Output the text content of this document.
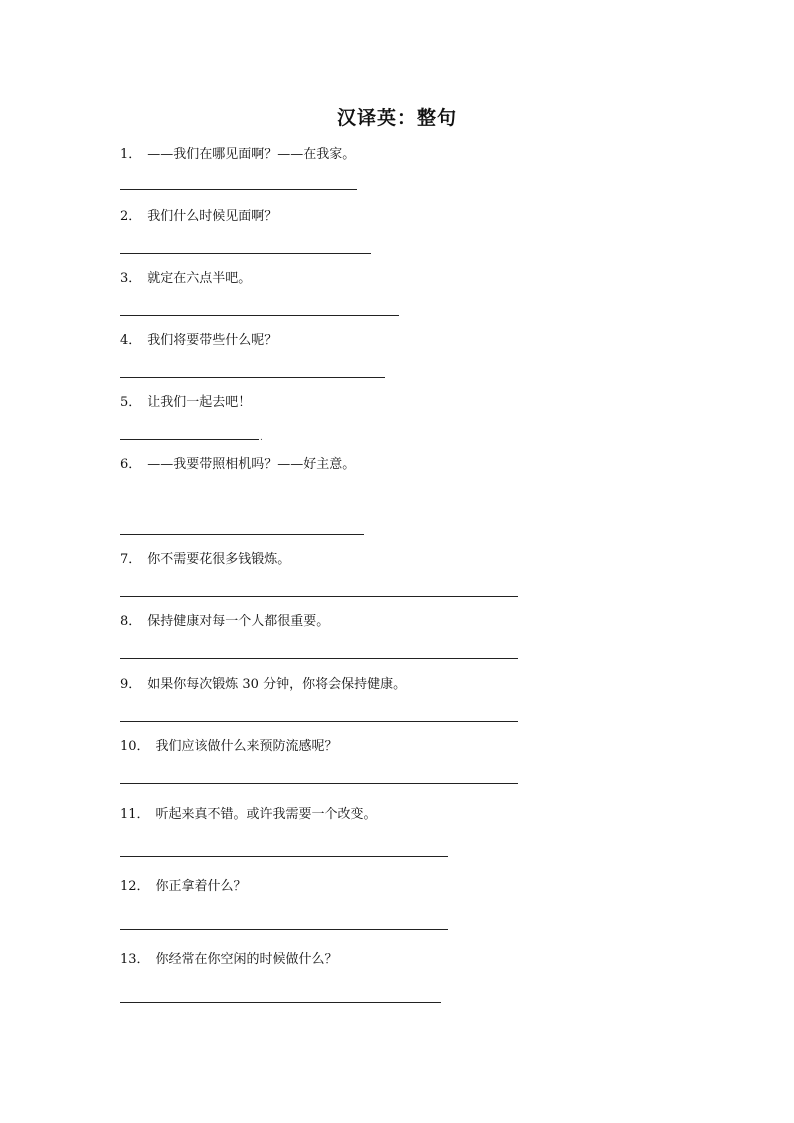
汉译英：整句
1． ——我们在哪见面啊？——在我家。
2． 我们什么时候见面啊？
3． 就定在六点半吧。
4． 我们将要带些什么呢？
5． 让我们一起去吧！
.
6． ——我要带照相机吗？——好主意。
7． 你不需要花很多钱锻炼。
8． 保持健康对每一个人都很重要。
9． 如果你每次锻炼 30 分钟，你将会保持健康。
10． 我们应该做什么来预防流感呢？
11． 听起来真不错。或许我需要一个改变。
12． 你正拿着什么？
13． 你经常在你空闲的时候做什么？
